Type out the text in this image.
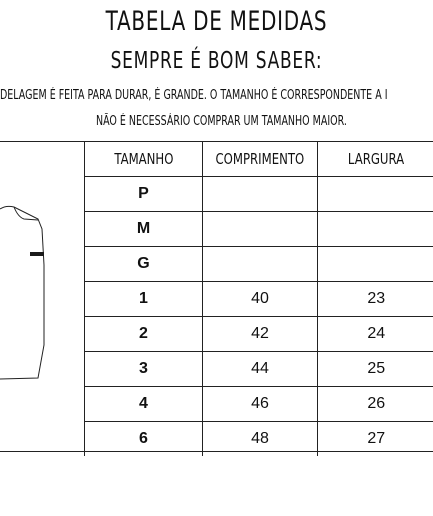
TABELA DE MEDIDAS
SEMPRE É BOM SABER:
DELAGEM É FEITA PARA DURAR, É GRANDE. O TAMANHO É CORRESPONDENTE A I
NÃO É NECESSÁRIO COMPRAR UM TAMANHO MAIOR.
TAMANHO	COMPRIMENTO	LARGURA
P		
M		
G		
1	40	23
2	42	24
3	44	25
4	46	26
6	48	27
